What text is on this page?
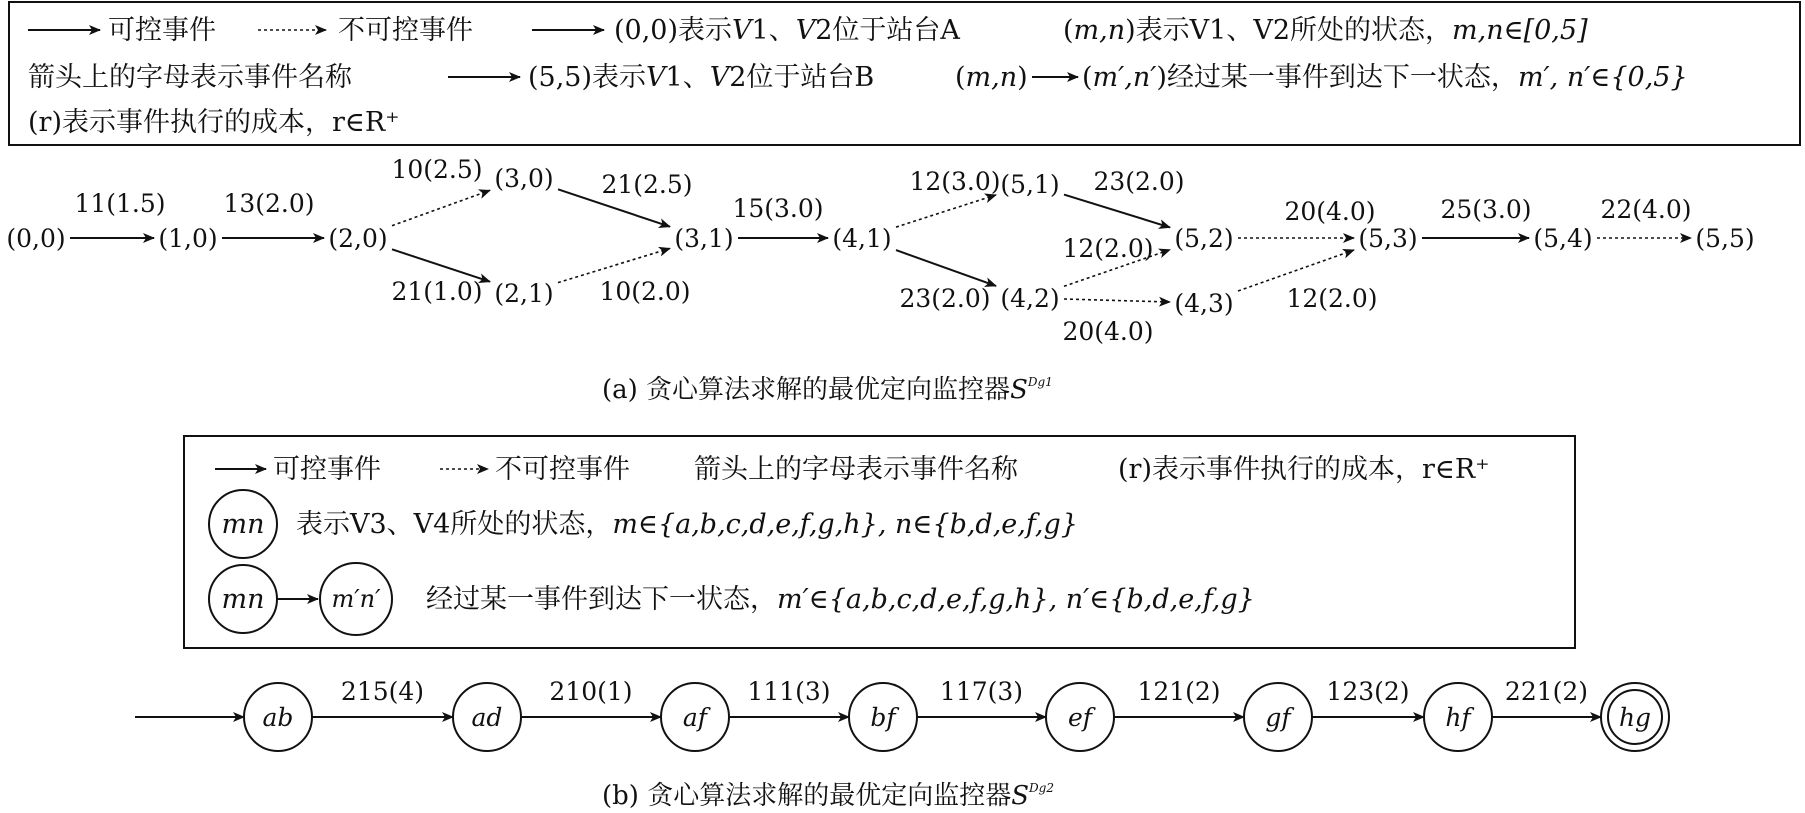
可控事件	不可控事件	(0,0)表示V1、V2位于站台A	(m,n)表示V1、V2所处的状态，m,n∈[0,5]
箭头上的字母表示事件名称	(5,5)表示V1、V2位于站台B	(m,n) (m′,n′)经过某一事件到达下一状态，m′, n′∈{0,5}
(r)表示事件执行的成本，r∈R⁺
11(1.5) 13(2.0)
10(2.5)
21(1.0)
21(2.5)
10(2.0)
15(3.0)
12(3.0)
23(2.0)
23(2.0)
12(2.0)
20(4.0)
20(4.0)
12(2.0)
25(3.0)	22(4.0)
(0,0)	(1,0)	(2,0)
(3,0)
(2,1)
(3,1)	(4,1)
(5,1)
(4,2)
(5,2)
(4,3)
(5,3)	(5,4)	(5,5)
(a) 贪心算法求解的最优定向监控器$S^{Dg1}$
可控事件	不可控事件 箭头上的字母表示事件名称	(r)表示事件执行的成本，r∈R⁺
mn 表示V3、V4所处的状态，m∈{a,b,c,d,e,f,g,h}, n∈{b,d,e,f,g}
mn	m′n′ 经过某一事件到达下一状态，m′∈{a,b,c,d,e,f,g,h}, n′∈{b,d,e,f,g}
215(4)	210(1)	111(3)	117(3)	121(2)	123(2)	221(2)
ab	ad	af	bf	ef	gf	hf	hg
(b) 贪心算法求解的最优定向监控器$S^{Dg2}$
